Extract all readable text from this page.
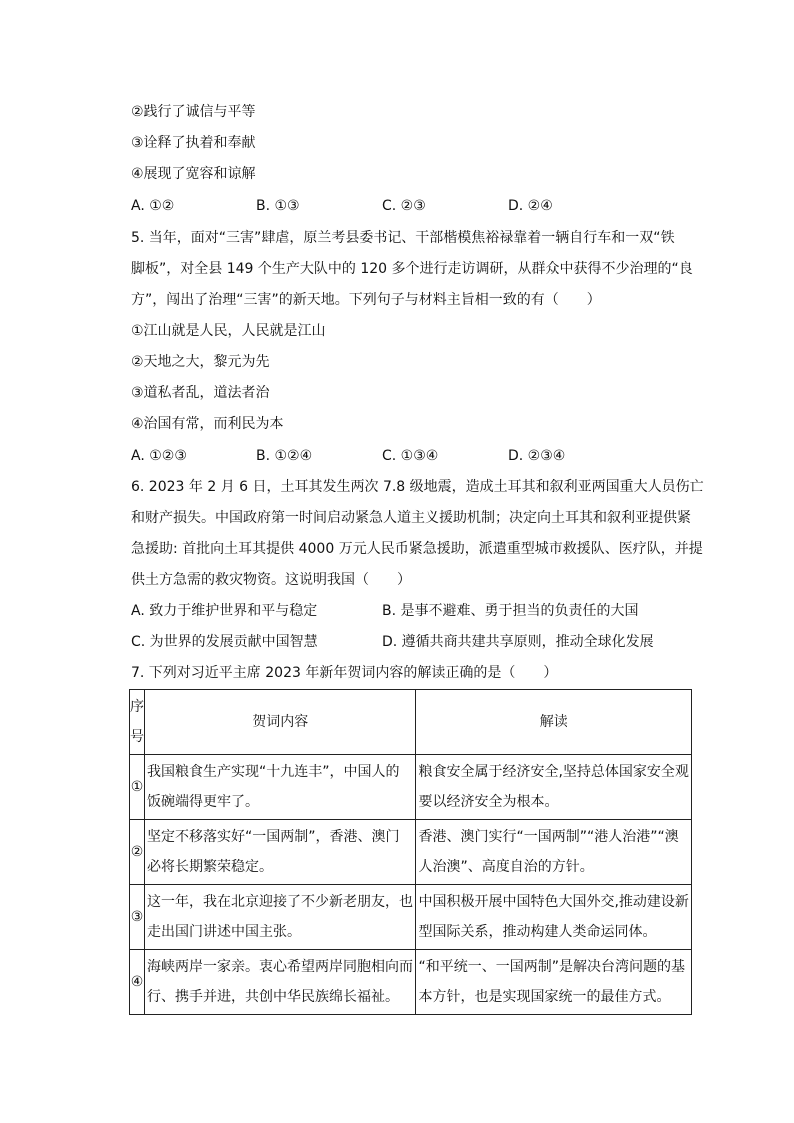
②践行了诚信与平等
③诠释了执着和奉献
④展现了宽容和谅解
A. ①②	B. ①③	C. ②③	D. ②④
5. 当年，面对“三害”肆虐，原兰考县委书记、干部楷模焦裕禄靠着一辆自行车和一双“铁
脚板”，对全县 149 个生产大队中的 120 多个进行走访调研，从群众中获得不少治理的“良
方”，闯出了治理“三害”的新天地。下列句子与材料主旨相一致的有（　　）
①江山就是人民，人民就是江山
②天地之大，黎元为先
③道私者乱，道法者治
④治国有常，而利民为本
A. ①②③	B. ①②④	C. ①③④	D. ②③④
6. 2023 年 2 月 6 日，土耳其发生两次 7.8 级地震，造成土耳其和叙利亚两国重大人员伤亡
和财产损失。中国政府第一时间启动紧急人道主义援助机制；决定向土耳其和叙利亚提供紧
急援助: 首批向土耳其提供 4000 万元人民币紧急援助，派遣重型城市救援队、医疗队，并提
供土方急需的救灾物资。这说明我国（　　）
A. 致力于维护世界和平与稳定	B. 是事不避难、勇于担当的负责任的大国
C. 为世界的发展贡献中国智慧	D. 遵循共商共建共享原则，推动全球化发展
7. 下列对习近平主席 2023 年新年贺词内容的解读正确的是（　　）
序号	贺词内容	解读
①	我国粮食生产实现“十九连丰”，中国人的饭碗端得更牢了。	粮食安全属于经济安全,坚持总体国家安全观要以经济安全为根本。
②	坚定不移落实好“一国两制”，香港、澳门必将长期繁荣稳定。	香港、澳门实行“一国两制”“港人治港”“澳人治澳”、高度自治的方针。
③	这一年，我在北京迎接了不少新老朋友，也走出国门讲述中国主张。	中国积极开展中国特色大国外交,推动建设新型国际关系，推动构建人类命运同体。
④	海峡两岸一家亲。衷心希望两岸同胞相向而行、携手并进，共创中华民族绵长福祉。	“和平统一、一国两制”是解决台湾问题的基本方针，也是实现国家统一的最佳方式。
